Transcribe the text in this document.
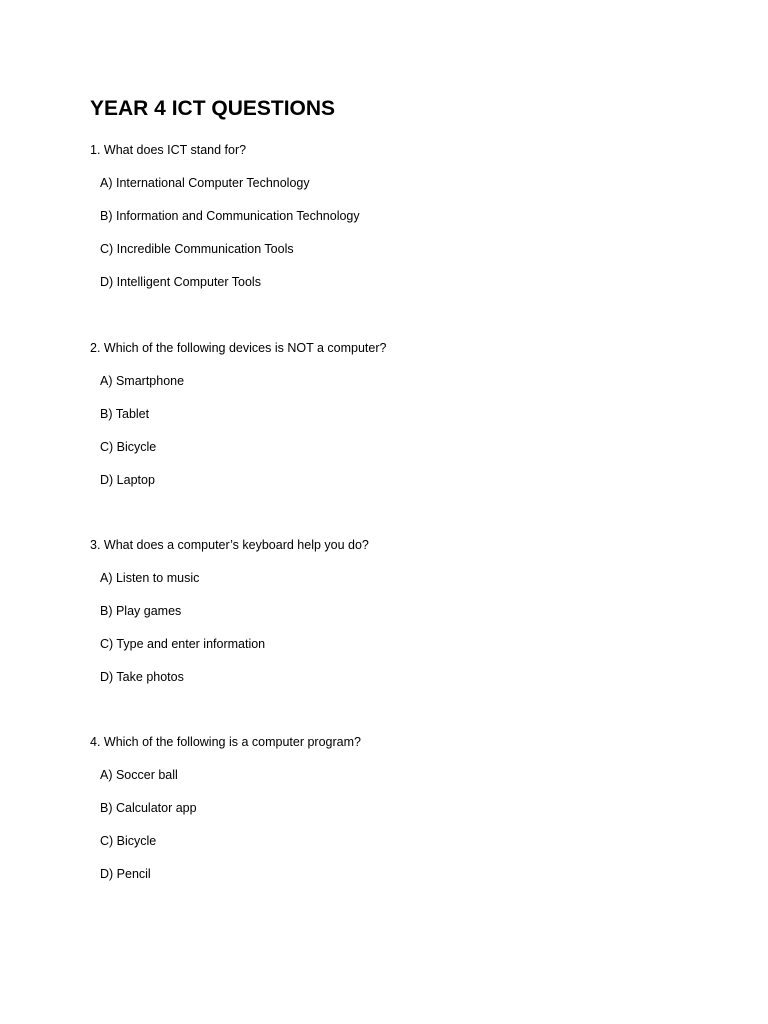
YEAR 4 ICT QUESTIONS

1. What does ICT stand for?

A) International Computer Technology

B) Information and Communication Technology

C) Incredible Communication Tools

D) Intelligent Computer Tools

2. Which of the following devices is NOT a computer?

A) Smartphone

B) Tablet

C) Bicycle

D) Laptop

3. What does a computer’s keyboard help you do?

A) Listen to music

B) Play games

C) Type and enter information

D) Take photos

4. Which of the following is a computer program?

A) Soccer ball

B) Calculator app

C) Bicycle

D) Pencil
